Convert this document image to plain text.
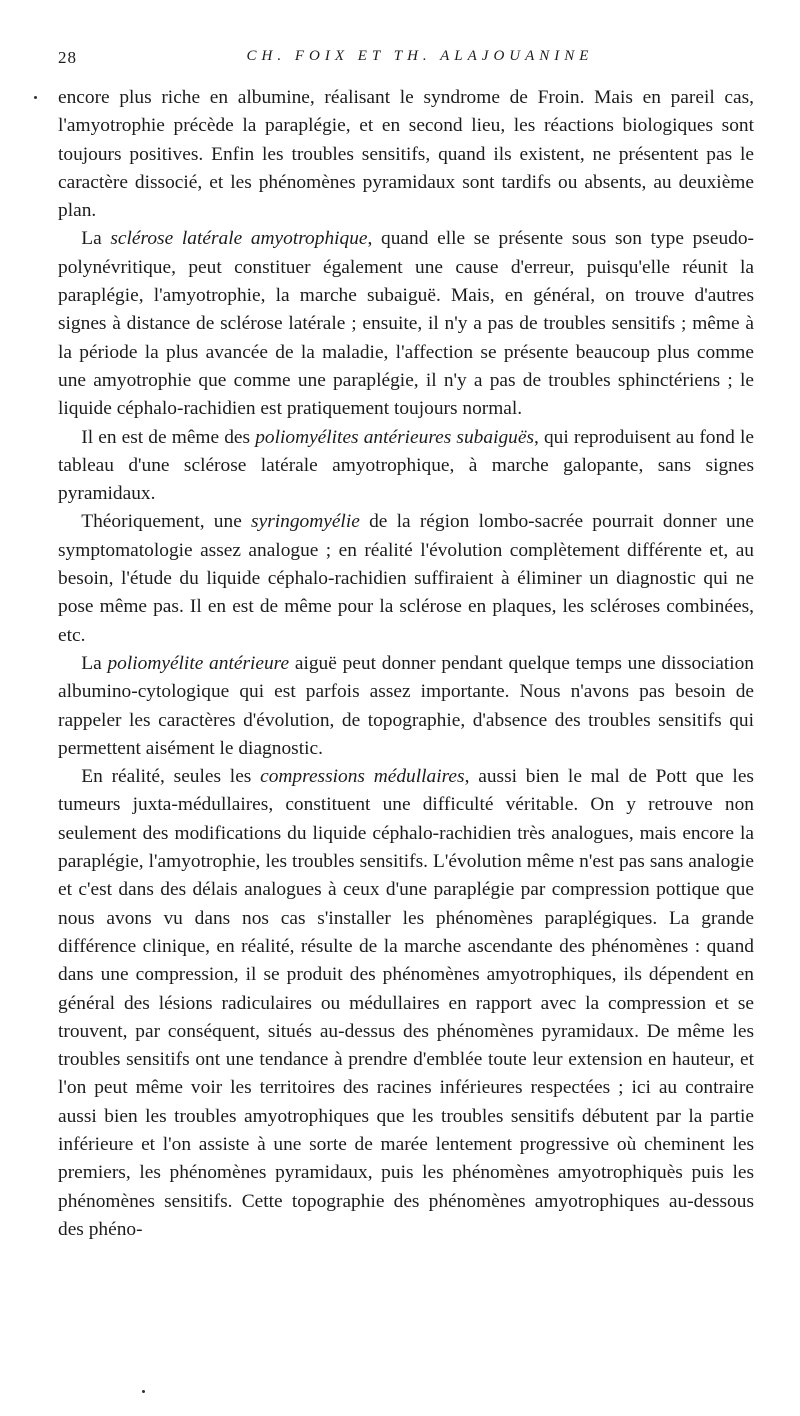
28	CH. FOIX ET TH. ALAJOUANINE

encore plus riche en albumine, réalisant le syndrome de Froin. Mais en pareil cas, l'amyotrophie précède la paraplégie, et en second lieu, les réactions biologiques sont toujours positives. Enfin les troubles sensitifs, quand ils existent, ne présentent pas le caractère dissocié, et les phénomènes pyramidaux sont tardifs ou absents, au deuxième plan.

La sclérose latérale amyotrophique, quand elle se présente sous son type pseudo-polynévritique, peut constituer également une cause d'erreur, puisqu'elle réunit la paraplégie, l'amyotrophie, la marche subaiguë. Mais, en général, on trouve d'autres signes à distance de sclérose latérale ; ensuite, il n'y a pas de troubles sensitifs ; même à la période la plus avancée de la maladie, l'affection se présente beaucoup plus comme une amyotrophie que comme une paraplégie, il n'y a pas de troubles sphinctériens ; le liquide céphalo-rachidien est pratiquement toujours normal.

Il en est de même des poliomyélites antérieures subaiguës, qui reproduisent au fond le tableau d'une sclérose latérale amyotrophique, à marche galopante, sans signes pyramidaux.

Théoriquement, une syringomyélie de la région lombo-sacrée pourrait donner une symptomatologie assez analogue ; en réalité l'évolution complètement différente et, au besoin, l'étude du liquide céphalo-rachidien suffiraient à éliminer un diagnostic qui ne pose même pas. Il en est de même pour la sclérose en plaques, les scléroses combinées, etc.

La poliomyélite antérieure aiguë peut donner pendant quelque temps une dissociation albumino-cytologique qui est parfois assez importante. Nous n'avons pas besoin de rappeler les caractères d'évolution, de topographie, d'absence des troubles sensitifs qui permettent aisément le diagnostic.

En réalité, seules les compressions médullaires, aussi bien le mal de Pott que les tumeurs juxta-médullaires, constituent une difficulté véritable. On y retrouve non seulement des modifications du liquide céphalo-rachidien très analogues, mais encore la paraplégie, l'amyotrophie, les troubles sensitifs. L'évolution même n'est pas sans analogie et c'est dans des délais analogues à ceux d'une paraplégie par compression pottique que nous avons vu dans nos cas s'installer les phénomènes paraplégiques. La grande différence clinique, en réalité, résulte de la marche ascendante des phénomènes : quand dans une compression, il se produit des phénomènes amyotrophiques, ils dépendent en général des lésions radiculaires ou médullaires en rapport avec la compression et se trouvent, par conséquent, situés au-dessus des phénomènes pyramidaux. De même les troubles sensitifs ont une tendance à prendre d'emblée toute leur extension en hauteur, et l'on peut même voir les territoires des racines inférieures respectées ; ici au contraire aussi bien les troubles amyotrophiques que les troubles sensitifs débutent par la partie inférieure et l'on assiste à une sorte de marée lentement progressive où cheminent les premiers, les phénomènes pyramidaux, puis les phénomènes amyotrophiquès puis les phénomènes sensitifs. Cette topographie des phénomènes amyotrophiques au-dessous des phéno-
